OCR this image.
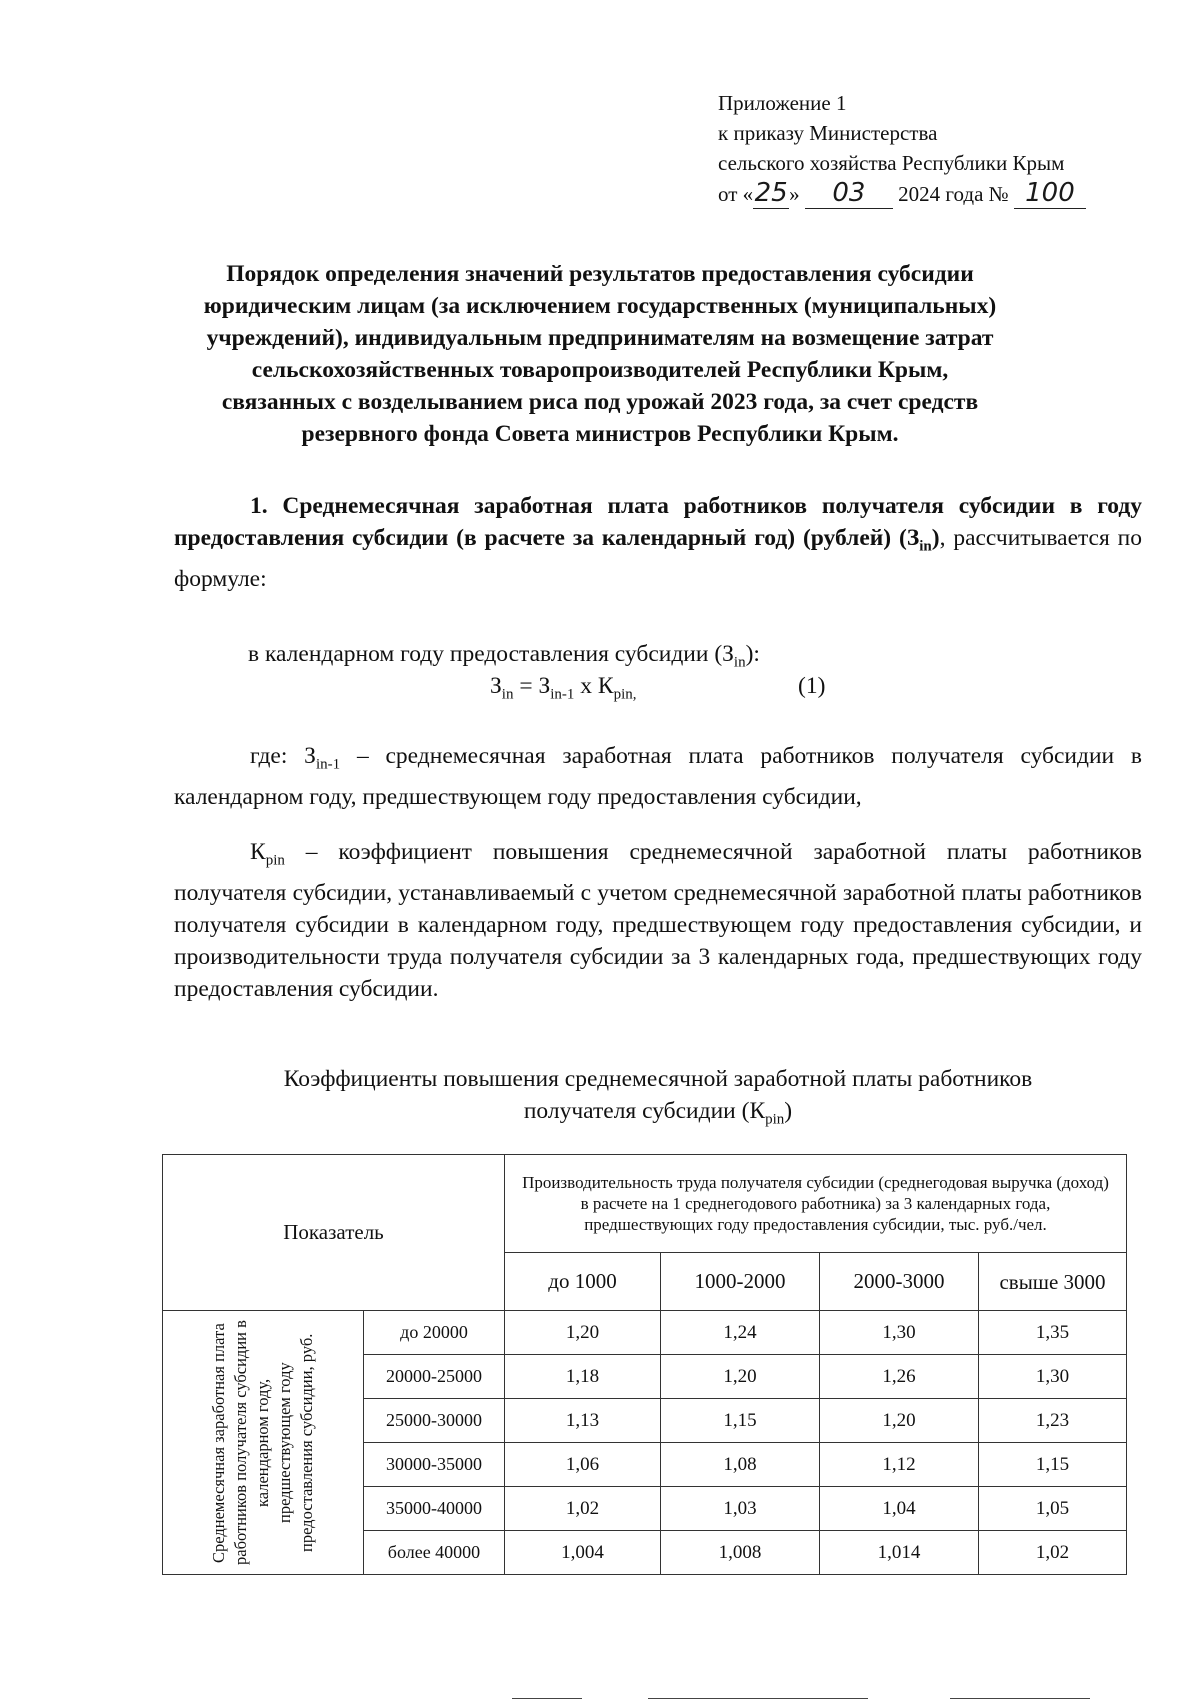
Приложение 1
к приказу Министерства
сельского хозяйства Республики Крым
от «25» 03 2024 года № 100
Порядок определения значений результатов предоставления субсидии
юридическим лицам (за исключением государственных (муниципальных)
учреждений), индивидуальным предпринимателям на возмещение затрат
сельскохозяйственных товаропроизводителей Республики Крым,
связанных с возделыванием риса под урожай 2023 года, за счет средств
резервного фонда Совета министров Республики Крым.
1. Среднемесячная заработная плата работников получателя субсидии в году предоставления субсидии (в расчете за календарный год) (рублей) $(З_{in})$, рассчитывается по формуле:
в календарном году предоставления субсидии $(З_{in})$:
$З_{in} = З_{in-1}$ х $К_{pin,}$	(1)
где: $З_{in-1}$ – среднемесячная заработная плата работников получателя субсидии в календарном году, предшествующем году предоставления субсидии,
$К_{pin}$ – коэффициент повышения среднемесячной заработной платы работников получателя субсидии, устанавливаемый с учетом среднемесячной заработной платы работников получателя субсидии в календарном году, предшествующем году предоставления субсидии, и производительности труда получателя субсидии за 3 календарных года, предшествующих году предоставления субсидии.
Коэффициенты повышения среднемесячной заработной платы работников
получателя субсидии $(К_{pin})$
Показатель		Производительность труда получателя субсидии (среднегодовая выручка (доход) в расчете на 1 среднегодового работника) за 3 календарных года, предшествующих году предоставления субсидии, тыс. руб./чел.			
		до 1000	1000-2000	2000-3000	свыше 3000

Среднемесячная заработная плата работников получателя субсидии в календарном году, предшествующем году предоставления субсидии, руб.	до 20000	1,20	1,24	1,30	1,35
	20000-25000	1,18	1,20	1,26	1,30
	25000-30000	1,13	1,15	1,20	1,23
	30000-35000	1,06	1,08	1,12	1,15
	35000-40000	1,02	1,03	1,04	1,05
	более 40000	1,004	1,008	1,014	1,02
